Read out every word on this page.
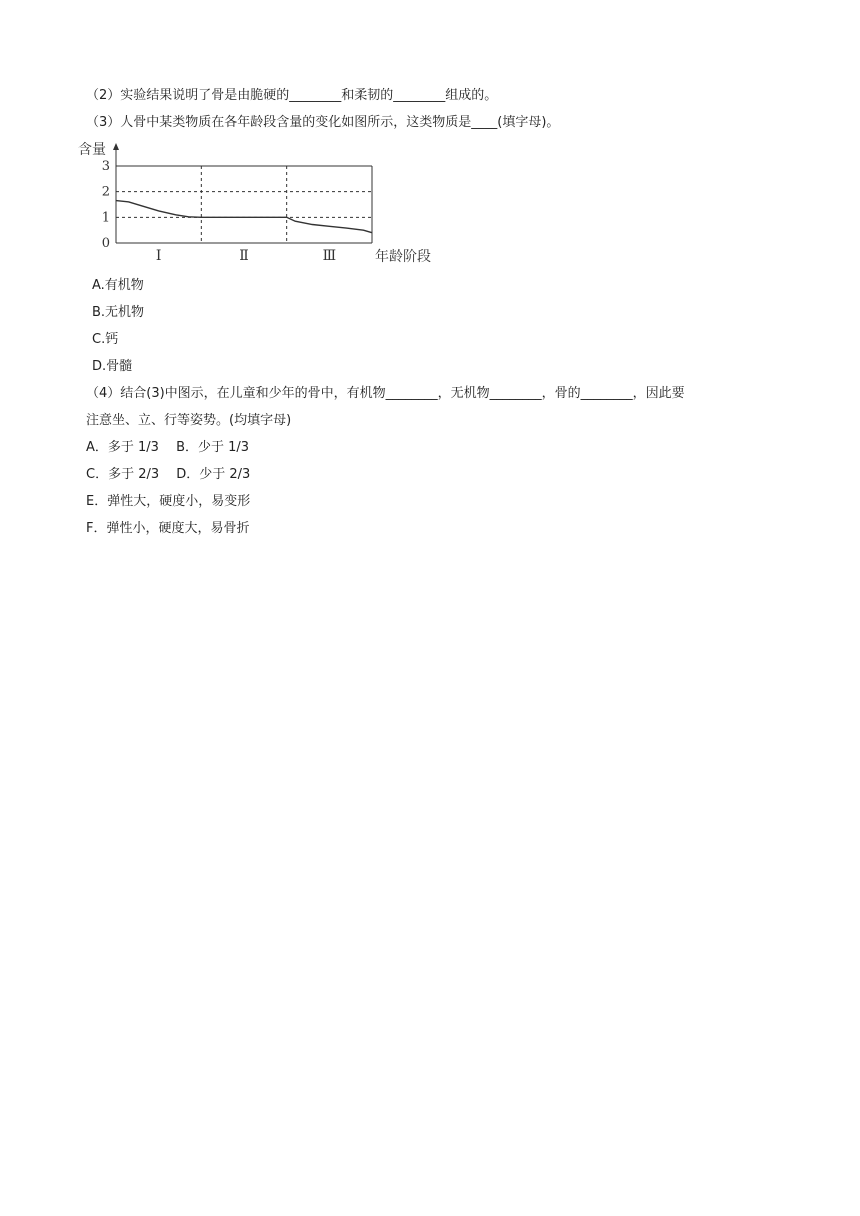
（2）实验结果说明了骨是由脆硬的________和柔韧的________组成的。
（3）人骨中某类物质在各年龄段含量的变化如图所示，这类物质是____(填字母)。
0
1
2
3
含量
Ⅰ	Ⅱ	Ⅲ	年龄阶段
A.有机物
B.无机物
C.钙
D.骨髓
（4）结合(3)中图示，在儿童和少年的骨中，有机物________，无机物________，骨的________，因此要
注意坐、立、行等姿势。(均填字母)
A．多于 1/3　 B．少于 1/3
C．多于 2/3　 D．少于 2/3
E．弹性大，硬度小，易变形
F．弹性小，硬度大，易骨折
